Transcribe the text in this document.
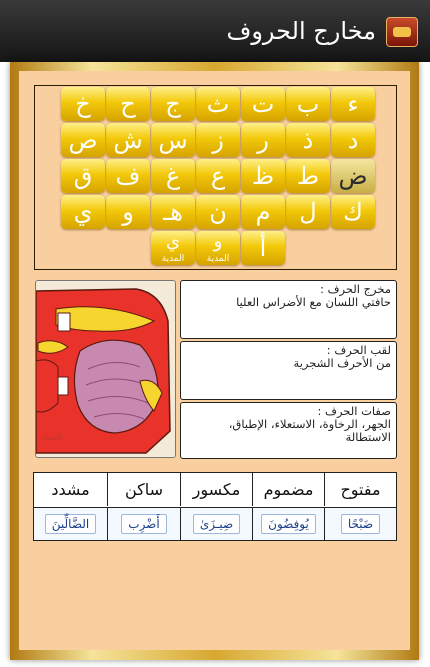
مخارج الحروف
ء
ب
ت
ث
ج
ح
خ
د
ذ
ر
ز
س
ش
ص
ض
ط
ظ
ع
غ
ف
ق
ك
ل
م
ن
هـ
و
ي
أ
و
المدية
ي
المدية
الضاد
مخرج الحرف :
حافتي اللسان مع الأضراس العليا
لقب الحرف :
من الأحرف الشجرية
صفات الحرف :
الجهر، الرخاوة، الاستعلاء، الإطباق، الاستطالة
مفتوح
مضموم
مكسور
ساكن
مشدد
ضَبْحًا
يُوفِضُونَ
ضِيـزَىٰ
أَضْرِب
الضَّالِّينَ
